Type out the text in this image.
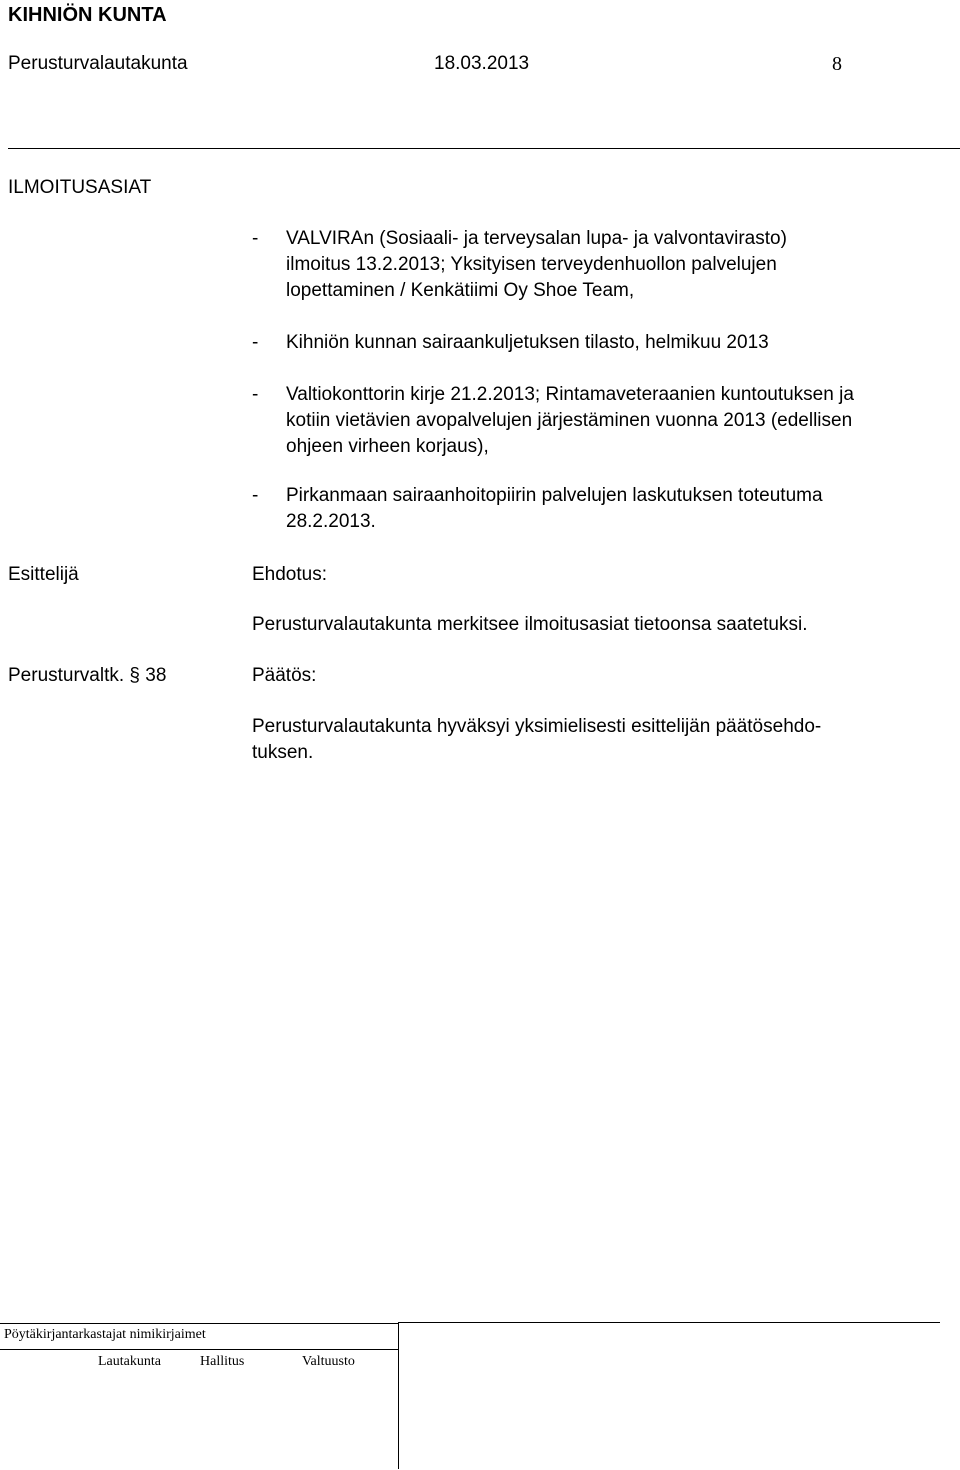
KIHNIÖN KUNTA
Perusturvalautakunta	18.03.2013	8
ILMOITUSASIAT
- VALVIRAn (Sosiaali- ja terveysalan lupa- ja valvontavirasto)
ilmoitus 13.2.2013; Yksityisen terveydenhuollon palvelujen
lopettaminen / Kenkätiimi Oy Shoe Team,
- Kihniön kunnan sairaankuljetuksen tilasto, helmikuu 2013
- Valtiokonttorin kirje 21.2.2013; Rintamaveteraanien kuntoutuksen ja
kotiin vietävien avopalvelujen järjestäminen vuonna 2013 (edellisen
ohjeen virheen korjaus),
- Pirkanmaan sairaanhoitopiirin palvelujen laskutuksen toteutuma
28.2.2013.
Esittelijä	Ehdotus:
Perusturvalautakunta merkitsee ilmoitusasiat tietoonsa saatetuksi.
Perusturvaltk. § 38	Päätös:
Perusturvalautakunta hyväksyi yksimielisesti esittelijän päätösehdo-
tuksen.
Pöytäkirjantarkastajat nimikirjaimet
Lautakunta	Hallitus	Valtuusto
